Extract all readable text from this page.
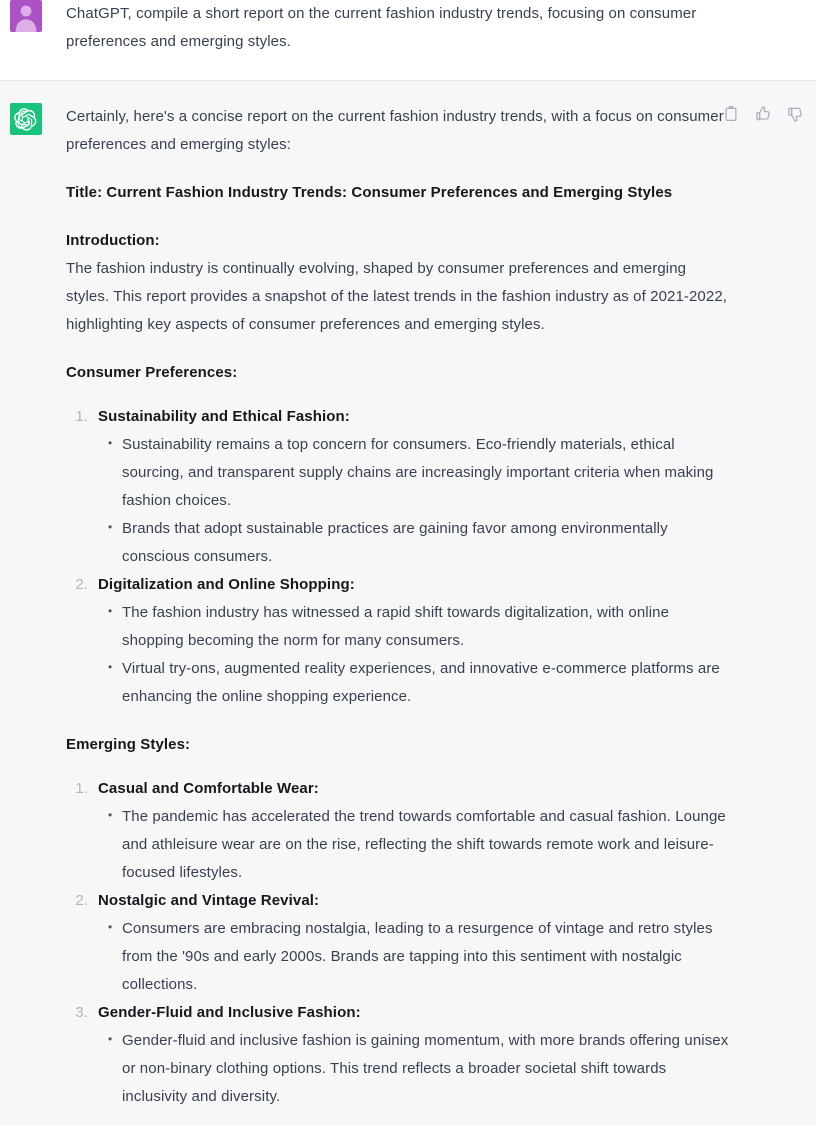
ChatGPT, compile a short report on the current fashion industry trends, focusing on consumer preferences and emerging styles.

Certainly, here's a concise report on the current fashion industry trends, with a focus on consumer preferences and emerging styles:

Title: Current Fashion Industry Trends: Consumer Preferences and Emerging Styles

Introduction:

The fashion industry is continually evolving, shaped by consumer preferences and emerging styles. This report provides a snapshot of the latest trends in the fashion industry as of 2021-2022, highlighting key aspects of consumer preferences and emerging styles.

Consumer Preferences:

1. Sustainability and Ethical Fashion:
• Sustainability remains a top concern for consumers. Eco-friendly materials, ethical sourcing, and transparent supply chains are increasingly important criteria when making fashion choices.
• Brands that adopt sustainable practices are gaining favor among environmentally conscious consumers.
2. Digitalization and Online Shopping:
• The fashion industry has witnessed a rapid shift towards digitalization, with online shopping becoming the norm for many consumers.
• Virtual try-ons, augmented reality experiences, and innovative e-commerce platforms are enhancing the online shopping experience.

Emerging Styles:

1. Casual and Comfortable Wear:
• The pandemic has accelerated the trend towards comfortable and casual fashion. Lounge and athleisure wear are on the rise, reflecting the shift towards remote work and leisure-focused lifestyles.
2. Nostalgic and Vintage Revival:
• Consumers are embracing nostalgia, leading to a resurgence of vintage and retro styles from the '90s and early 2000s. Brands are tapping into this sentiment with nostalgic collections.
3. Gender-Fluid and Inclusive Fashion:
• Gender-fluid and inclusive fashion is gaining momentum, with more brands offering unisex or non-binary clothing options. This trend reflects a broader societal shift towards inclusivity and diversity.
